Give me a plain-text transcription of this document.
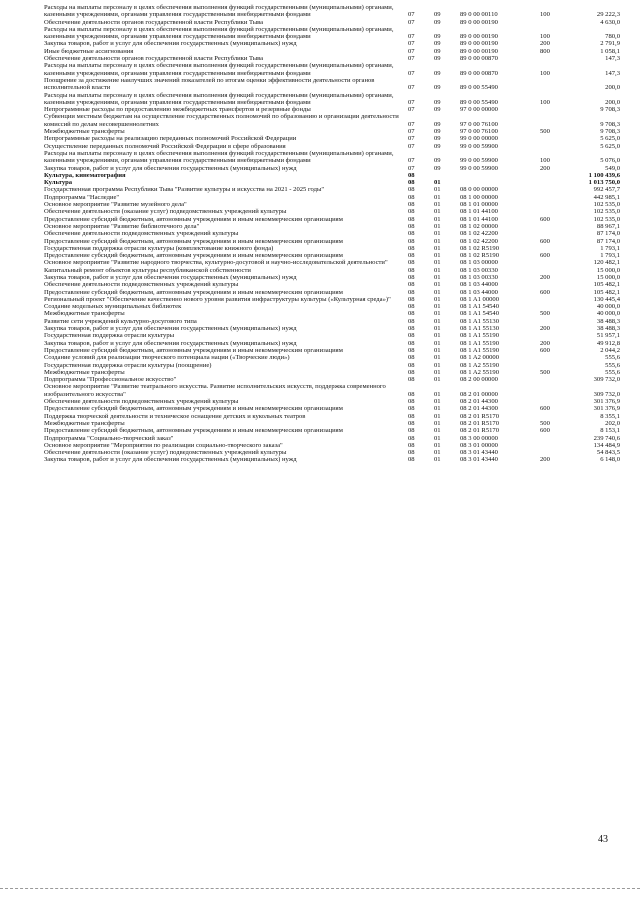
Расходы на выплаты персоналу в целях обеспечения выполнения функций государственными (муниципальными) органами, казенными учреждениями, органами управления государственными внебюджетными фондами	07	09	89 0 00 00110	100	29 222,3
Обеспечение деятельности органов государственной власти Республики Тыва	07	09	89 0 00 00190		4 630,0
Расходы на выплаты персоналу в целях обеспечения выполнения функций государственными (муниципальными) органами, казенными учреждениями, органами управления государственными внебюджетными фондами	07	09	89 0 00 00190	100	780,0
Закупка товаров, работ и услуг для обеспечения государственных (муниципальных) нужд	07	09	89 0 00 00190	200	2 791,9
Иные бюджетные ассигнования	07	09	89 0 00 00190	800	1 058,1
Обеспечение деятельности органов государственной власти Республики Тыва	07	09	89 0 00 00870		147,3
Расходы на выплаты персоналу в целях обеспечения выполнения функций государственными (муниципальными) органами, казенными учреждениями, органами управления государственными внебюджетными фондами	07	09	89 0 00 00870	100	147,3
Поощрение за достижение наилучших значений показателей по итогам оценки эффективности деятельности органов исполнительной власти	07	09	89 0 00 55490		200,0
Расходы на выплаты персоналу в целях обеспечения выполнения функций государственными (муниципальными) органами, казенными учреждениями, органами управления государственными внебюджетными фондами	07	09	89 0 00 55490	100	200,0
Непрограммные расходы по предоставлению межбюджетных трансфертов и резервные фонды	07	09	97 0 00 00000		9 708,3
Субвенции местным бюджетам на осуществление государственных полномочий по образованию и организации деятельности комиссий по делам несовершеннолетних	07	09	97 0 00 76100		9 708,3
Межбюджетные трансферты	07	09	97 0 00 76100	500	9 708,3
Непрограммные расходы на реализацию переданных полномочий Российской Федерации	07	09	99 0 00 00000		5 625,0
Осуществление переданных полномочий Российской Федерации в сфере образования	07	09	99 0 00 59900		5 625,0
Расходы на выплаты персоналу в целях обеспечения выполнения функций государственными (муниципальными) органами, казенными учреждениями, органами управления государственными внебюджетными фондами	07	09	99 0 00 59900	100	5 076,0
Закупка товаров, работ и услуг для обеспечения государственных (муниципальных) нужд	07	09	99 0 00 59900	200	549,0
Культура, кинематография	08				1 100 439,6
Культура	08	01			1 013 750,0
Государственная программа Республики Тыва "Развитие культуры и искусства на 2021 - 2025 годы"	08	01	08 0 00 00000		992 457,7
Подпрограмма "Наследие"	08	01	08 1 00 00000		442 985,1
Основное мероприятие "Развитие музейного дела"	08	01	08 1 01 00000		102 535,0
Обеспечение деятельности (оказание услуг) подведомственных учреждений культуры	08	01	08 1 01 44100		102 535,0
Предоставление субсидий бюджетным, автономным учреждениям и иным некоммерческим организациям	08	01	08 1 01 44100	600	102 535,0
Основное мероприятие "Развитие библиотечного дела"	08	01	08 1 02 00000		88 967,1
Обеспечение деятельности подведомственных учреждений культуры	08	01	08 1 02 42200		87 174,0
Предоставление субсидий бюджетным, автономным учреждениям и иным некоммерческим организациям	08	01	08 1 02 42200	600	87 174,0
Государственная поддержка отрасли культуры (комплектование книжного фонда)	08	01	08 1 02 R5190		1 793,1
Предоставление субсидий бюджетным, автономным учреждениям и иным некоммерческим организациям	08	01	08 1 02 R5190	600	1 793,1
Основное мероприятие "Развитие народного творчества, культурно-досуговой и научно-исследовательской деятельности"	08	01	08 1 03 00000		120 482,1
Капитальный ремонт объектов культуры республиканской собственности	08	01	08 1 03 00330		15 000,0
Закупка товаров, работ и услуг для обеспечения государственных (муниципальных) нужд	08	01	08 1 03 00330	200	15 000,0
Обеспечение деятельности подведомственных учреждений культуры	08	01	08 1 03 44000		105 482,1
Предоставление субсидий бюджетным, автономным учреждениям и иным некоммерческим организациям	08	01	08 1 03 44000	600	105 482,1
Региональный проект "Обеспечение качественно нового уровня развития инфраструктуры культуры («Культурная среда»)"	08	01	08 1 A1 00000		130 445,4
Создание модельных муниципальных библиотек	08	01	08 1 A1 54540		40 000,0
Межбюджетные трансферты	08	01	08 1 A1 54540	500	40 000,0
Развитие сети учреждений культурно-досугового типа	08	01	08 1 A1 55130		38 488,3
Закупка товаров, работ и услуг для обеспечения государственных (муниципальных) нужд	08	01	08 1 A1 55130	200	38 488,3
Государственная поддержка отрасли культуры	08	01	08 1 A1 55190		51 957,1
Закупка товаров, работ и услуг для обеспечения государственных (муниципальных) нужд	08	01	08 1 A1 55190	200	49 912,8
Предоставление субсидий бюджетным, автономным учреждениям и иным некоммерческим организациям	08	01	08 1 A1 55190	600	2 044,2
Создание условий для реализации творческого потенциала нации («Творческие люди»)	08	01	08 1 A2 00000		555,6
Государственная поддержка отрасли культуры (поощрение)	08	01	08 1 A2 55190		555,6
Межбюджетные трансферты	08	01	08 1 A2 55190	500	555,6
Подпрограмма "Профессиональное искусство"	08	01	08 2 00 00000		309 732,0
Основное мероприятие "Развитие театрального искусства. Развитие исполнительских искусств, поддержка современного изобразительного искусства"	08	01	08 2 01 00000		309 732,0
Обеспечение деятельности подведомственных учреждений культуры	08	01	08 2 01 44300		301 376,9
Предоставление субсидий бюджетным, автономным учреждениям и иным некоммерческим организациям	08	01	08 2 01 44300	600	301 376,9
Поддержка творческой деятельности и техническое оснащение детских и кукольных театров	08	01	08 2 01 R5170		8 355,1
Межбюджетные трансферты	08	01	08 2 01 R5170	500	202,0
Предоставление субсидий бюджетным, автономным учреждениям и иным некоммерческим организациям	08	01	08 2 01 R5170	600	8 153,1
Подпрограмма "Социально-творческий заказ"	08	01	08 3 00 00000		239 740,6
Основное мероприятие "Мероприятия по реализации социально-творческого заказа"	08	01	08 3 01 00000		134 484,9
Обеспечение деятельности (оказание услуг) подведомственных учреждений культуры	08	01	08 3 01 43440		54 843,5
Закупка товаров, работ и услуг для обеспечения государственных (муниципальных) нужд	08	01	08 3 01 43440	200	6 148,0
43
